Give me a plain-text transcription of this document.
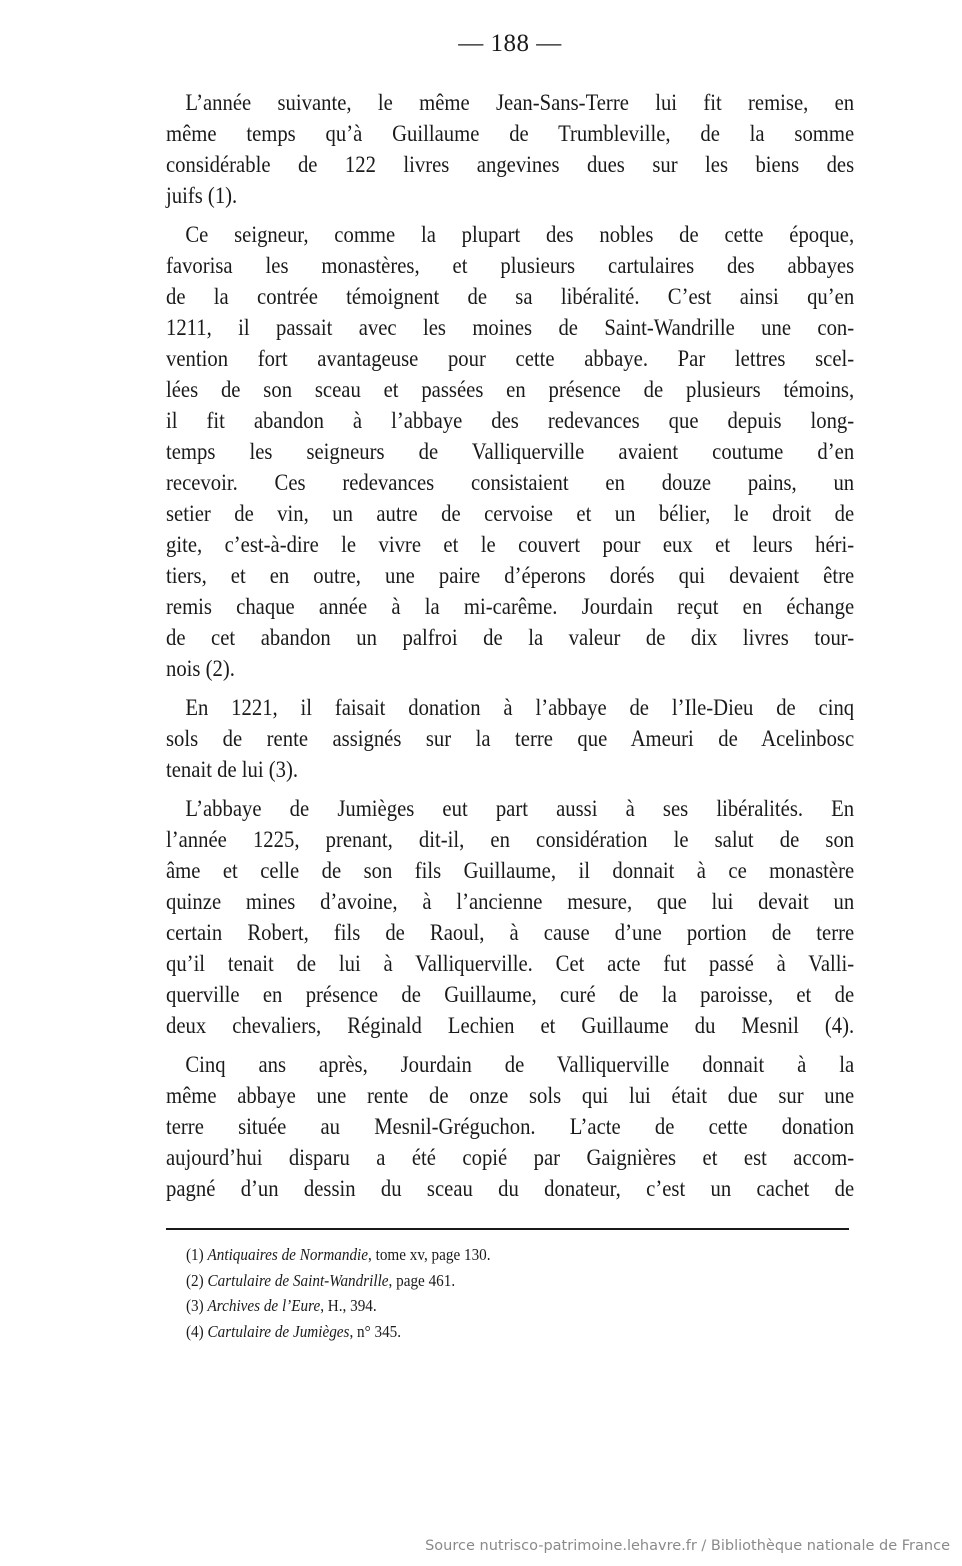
— 188 —

L’année suivante, le même Jean-Sans-Terre lui fit remise, en
même temps qu’à Guillaume de Trumbleville, de la somme
considérable de 122 livres angevines dues sur les biens des
juifs (1).

Ce seigneur, comme la plupart des nobles de cette époque,
favorisa les monastères, et plusieurs cartulaires des abbayes
de la contrée témoignent de sa libéralité. C’est ainsi qu’en
1211, il passait avec les moines de Saint-Wandrille une con-
vention fort avantageuse pour cette abbaye. Par lettres scel-
lées de son sceau et passées en présence de plusieurs témoins,
il fit abandon à l’abbaye des redevances que depuis long-
temps les seigneurs de Valliquerville avaient coutume d’en
recevoir. Ces redevances consistaient en douze pains, un
setier de vin, un autre de cervoise et un bélier, le droit de
gite, c’est-à-dire le vivre et le couvert pour eux et leurs héri-
tiers, et en outre, une paire d’éperons dorés qui devaient être
remis chaque année à la mi-carême. Jourdain reçut en échange
de cet abandon un palfroi de la valeur de dix livres tour-
nois (2).

En 1221, il faisait donation à l’abbaye de l’Ile-Dieu de cinq
sols de rente assignés sur la terre que Ameuri de Acelinbosc
tenait de lui (3).

L’abbaye de Jumièges eut part aussi à ses libéralités. En
l’année 1225, prenant, dit-il, en considération le salut de son
âme et celle de son fils Guillaume, il donnait à ce monastère
quinze mines d’avoine, à l’ancienne mesure, que lui devait un
certain Robert, fils de Raoul, à cause d’une portion de terre
qu’il tenait de lui à Valliquerville. Cet acte fut passé à Valli-
querville en présence de Guillaume, curé de la paroisse, et de
deux chevaliers, Réginald Lechien et Guillaume du Mesnil (4).

Cinq ans après, Jourdain de Valliquerville donnait à la
même abbaye une rente de onze sols qui lui était due sur une
terre située au Mesnil-Gréguchon. L’acte de cette donation
aujourd’hui disparu a été copié par Gaignières et est accom-
pagné d’un dessin du sceau du donateur, c’est un cachet de

(1) Antiquaires de Normandie, tome xv, page 130.
(2) Cartulaire de Saint-Wandrille, page 461.
(3) Archives de l’Eure, H., 394.
(4) Cartulaire de Jumièges, n° 345.
Source nutrisco-patrimoine.lehavre.fr / Bibliothèque nationale de France
